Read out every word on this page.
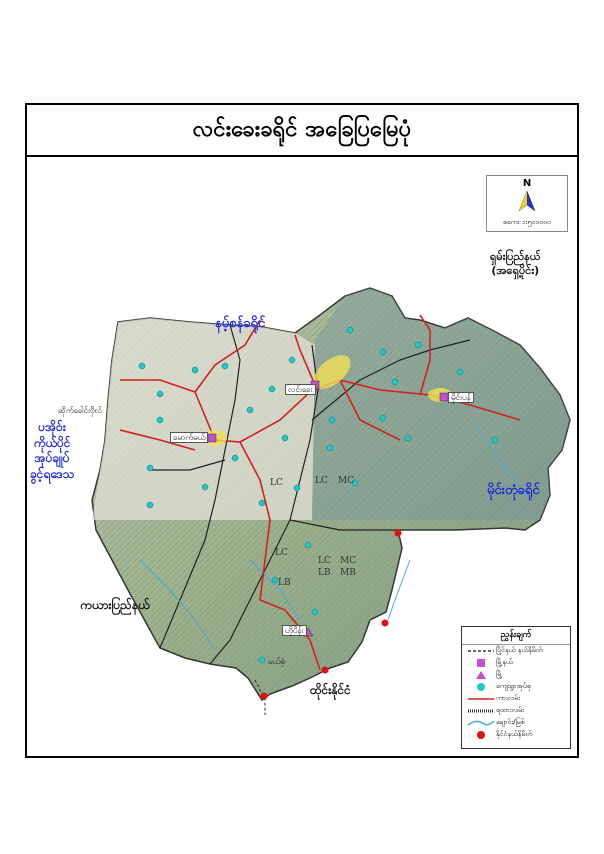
လင်းခေးခရိုင် အခြေပြမြေပုံ
နမ့်စန်ခရိုင်
ရှမ်းပြည်နယ်
(အရှေ့ပိုင်း)
ပအိုဝ်း
ကိုယ်ပိုင်
အုပ်ချုပ်
ခွင့်ရဒေသ
မိုင်းတုံခရိုင်
ကယားပြည်နယ်
ထိုင်းနိုင်ငံ
ဆိုက်ခေါင်းဗိုလ်
လင်းခေး
မောက်မယ်
မိုင်းပန်
မယ်စဲ့
ဟိုပိန်း
LC	LC MC
LC
LC
LB
MC
LB MB
N
စကေး ၁း၅၀၀၀၀၀
ညွှန်းချက်
ပြိုင်နယ် နယ်နိမိတ်
မြို့နယ်
မြို့
ကျေးရွာအုပ်စု
ကားလမ်း
ရထားလမ်း
ချောင်း/မြစ်
နိုင်ငံနယ်နိမိတ်
